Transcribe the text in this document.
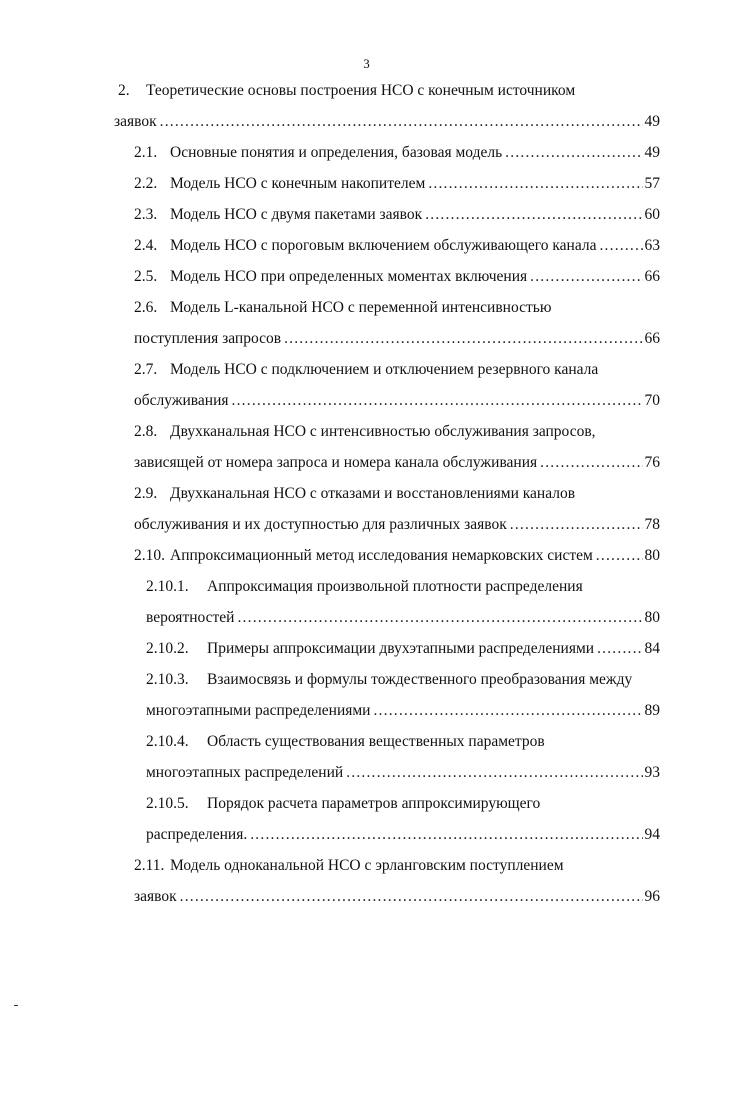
3
2. Теоретические основы построения НСО с конечным источником
заявок .....	49
2.1. Основные понятия и определения, базовая модель .....	49
2.2. Модель НСО с конечным накопителем .....	57
2.3. Модель НСО с двумя пакетами заявок .....	60
2.4. Модель НСО с пороговым включением обслуживающего канала .....	63
2.5. Модель НСО при определенных моментах включения .....	66
2.6. Модель L-канальной НСО с переменной интенсивностью
поступления запросов .....	66
2.7. Модель НСО с подключением и отключением резервного канала
обслуживания .....	70
2.8. Двухканальная НСО с интенсивностью обслуживания запросов,
зависящей от номера запроса и номера канала обслуживания .....	76
2.9. Двухканальная НСО с отказами и восстановлениями каналов
обслуживания и их доступностью для различных заявок .....	78
2.10. Аппроксимационный метод исследования немарковских систем .....	80
2.10.1. Аппроксимация произвольной плотности распределения
вероятностей .....	80
2.10.2. Примеры аппроксимации двухэтапными распределениями .....	84
2.10.3. Взаимосвязь и формулы тождественного преобразования между
многоэтапными распределениями .....	89
2.10.4. Область существования вещественных параметров
многоэтапных распределений .....	93
2.10.5. Порядок расчета параметров аппроксимирующего
распределения. .....	94
2.11. Модель одноканальной НСО с эрланговским поступлением
заявок .....	96
